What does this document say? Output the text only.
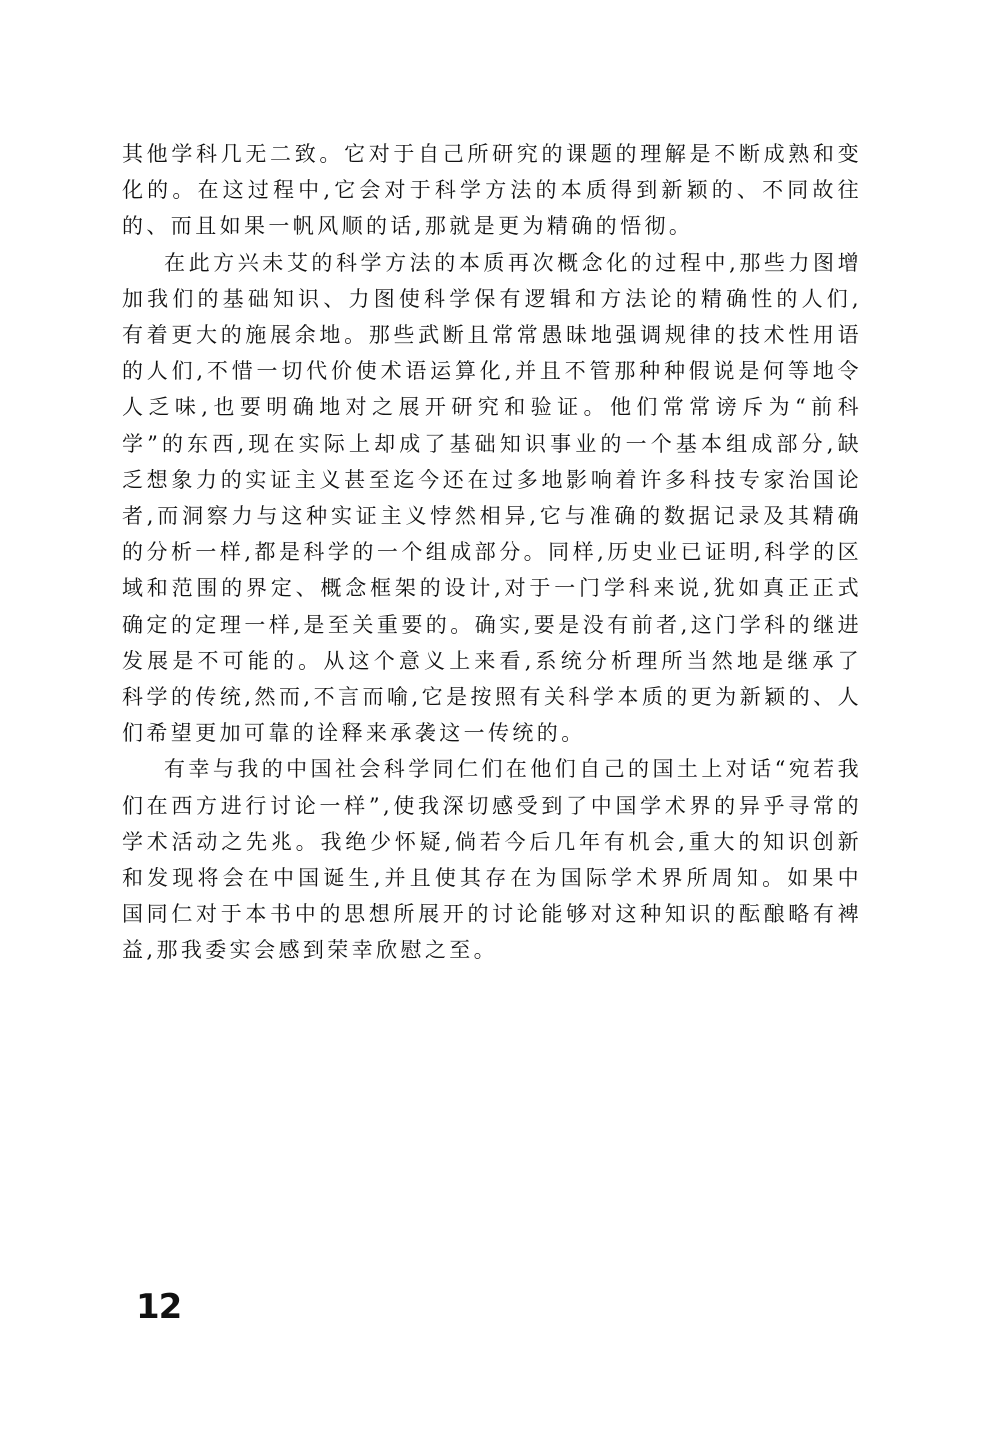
其他学科几无二致。它对于自己所研究的课题的理解是不断成熟和变化的。在这过程中,它会对于科学方法的本质得到新颖的、不同故往的、而且如果一帆风顺的话,那就是更为精确的悟彻。

在此方兴未艾的科学方法的本质再次概念化的过程中,那些力图增加我们的基础知识、力图使科学保有逻辑和方法论的精确性的人们,有着更大的施展余地。那些武断且常常愚昧地强调规律的技术性用语的人们,不惜一切代价使术语运算化,并且不管那种种假说是何等地令人乏味,也要明确地对之展开研究和验证。他们常常谤斥为“前科学”的东西,现在实际上却成了基础知识事业的一个基本组成部分,缺乏想象力的实证主义甚至迄今还在过多地影响着许多科技专家治国论者,而洞察力与这种实证主义悖然相异,它与准确的数据记录及其精确的分析一样,都是科学的一个组成部分。同样,历史业已证明,科学的区域和范围的界定、概念框架的设计,对于一门学科来说,犹如真正正式确定的定理一样,是至关重要的。确实,要是没有前者,这门学科的继进发展是不可能的。从这个意义上来看,系统分析理所当然地是继承了科学的传统,然而,不言而喻,它是按照有关科学本质的更为新颖的、人们希望更加可靠的诠释来承袭这一传统的。

有幸与我的中国社会科学同仁们在他们自己的国土上对话“宛若我们在西方进行讨论一样”,使我深切感受到了中国学术界的异乎寻常的学术活动之先兆。我绝少怀疑,倘若今后几年有机会,重大的知识创新和发现将会在中国诞生,并且使其存在为国际学术界所周知。如果中国同仁对于本书中的思想所展开的讨论能够对这种知识的酝酿略有裨益,那我委实会感到荣幸欣慰之至。

12
